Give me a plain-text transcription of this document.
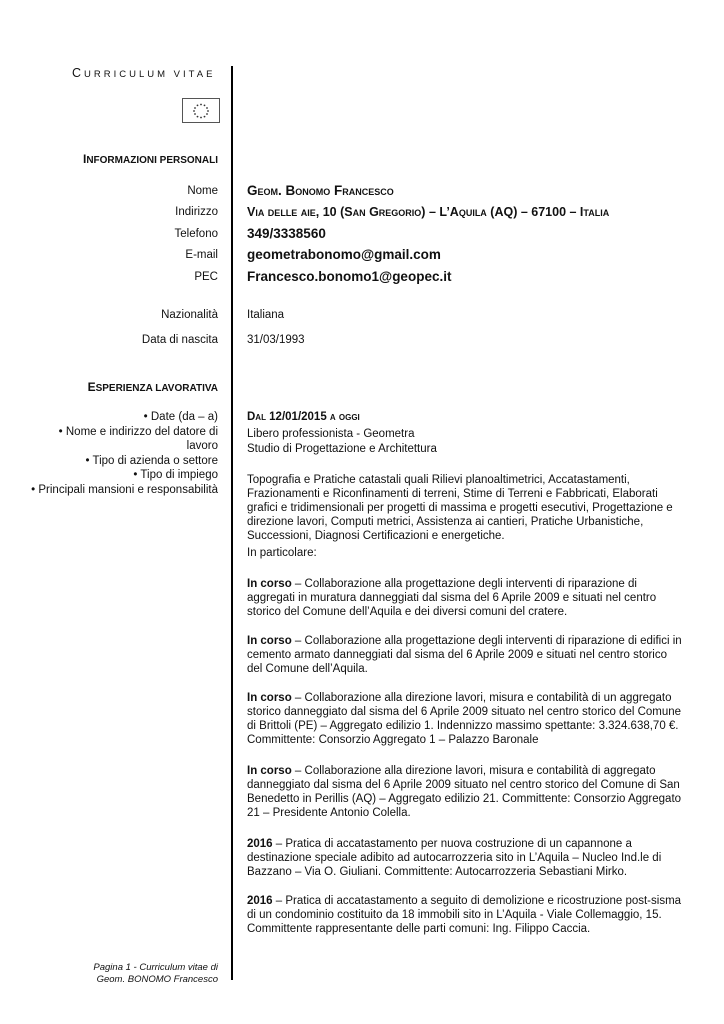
CURRICULUM VITAE
INFORMAZIONI PERSONALI
Nome
Indirizzo
Telefono
E-mail
PEC
Geom. Bonomo Francesco
Via delle aie, 10 (San Gregorio) – L’Aquila (AQ) – 67100 – Italia
349/3338560
geometrabonomo@gmail.com
Francesco.bonomo1@geopec.it
Nazionalità	Italiana
Data di nascita	31/03/1993
ESPERIENZA LAVORATIVA
• Date (da – a)
• Nome e indirizzo del datore di
lavoro
• Tipo di azienda o settore
• Tipo di impiego
• Principali mansioni e responsabilità
Dal 12/01/2015 a oggi
Libero professionista - Geometra
Studio di Progettazione e Architettura
Topografia e Pratiche catastali quali Rilievi planoaltimetrici, Accatastamenti, Frazionamenti e Riconfinamenti di terreni, Stime di Terreni e Fabbricati, Elaborati grafici e tridimensionali per progetti di massima e progetti esecutivi, Progettazione e direzione lavori, Computi metrici, Assistenza ai cantieri, Pratiche Urbanistiche, Successioni, Diagnosi Certificazioni e energetiche.
In particolare:
In corso – Collaborazione alla progettazione degli interventi di riparazione di aggregati in muratura danneggiati dal sisma del 6 Aprile 2009 e situati nel centro storico del Comune dell’Aquila e dei diversi comuni del cratere.
In corso – Collaborazione alla progettazione degli interventi di riparazione di edifici in cemento armato danneggiati dal sisma del 6 Aprile 2009 e situati nel centro storico del Comune dell’Aquila.
In corso – Collaborazione alla direzione lavori, misura e contabilità di un aggregato storico danneggiato dal sisma del 6 Aprile 2009 situato nel centro storico del Comune di Brittoli (PE) – Aggregato edilizio 1. Indennizzo massimo spettante: 3.324.638,70 €. Committente: Consorzio Aggregato 1 – Palazzo Baronale
In corso – Collaborazione alla direzione lavori, misura e contabilità di aggregato danneggiato dal sisma del 6 Aprile 2009 situato nel centro storico del Comune di San Benedetto in Perillis (AQ) – Aggregato edilizio 21. Committente: Consorzio Aggregato 21 – Presidente Antonio Colella.
2016 – Pratica di accatastamento per nuova costruzione di un capannone a destinazione speciale adibito ad autocarrozzeria sito in L’Aquila – Nucleo Ind.le di Bazzano – Via O. Giuliani. Committente: Autocarrozzeria Sebastiani Mirko.
2016 – Pratica di accatastamento a seguito di demolizione e ricostruzione post-sisma di un condominio costituito da 18 immobili sito in L’Aquila - Viale Collemaggio, 15. Committente rappresentante delle parti comuni: Ing. Filippo Caccia.
Pagina 1 - Curriculum vitae di
Geom. BONOMO Francesco
